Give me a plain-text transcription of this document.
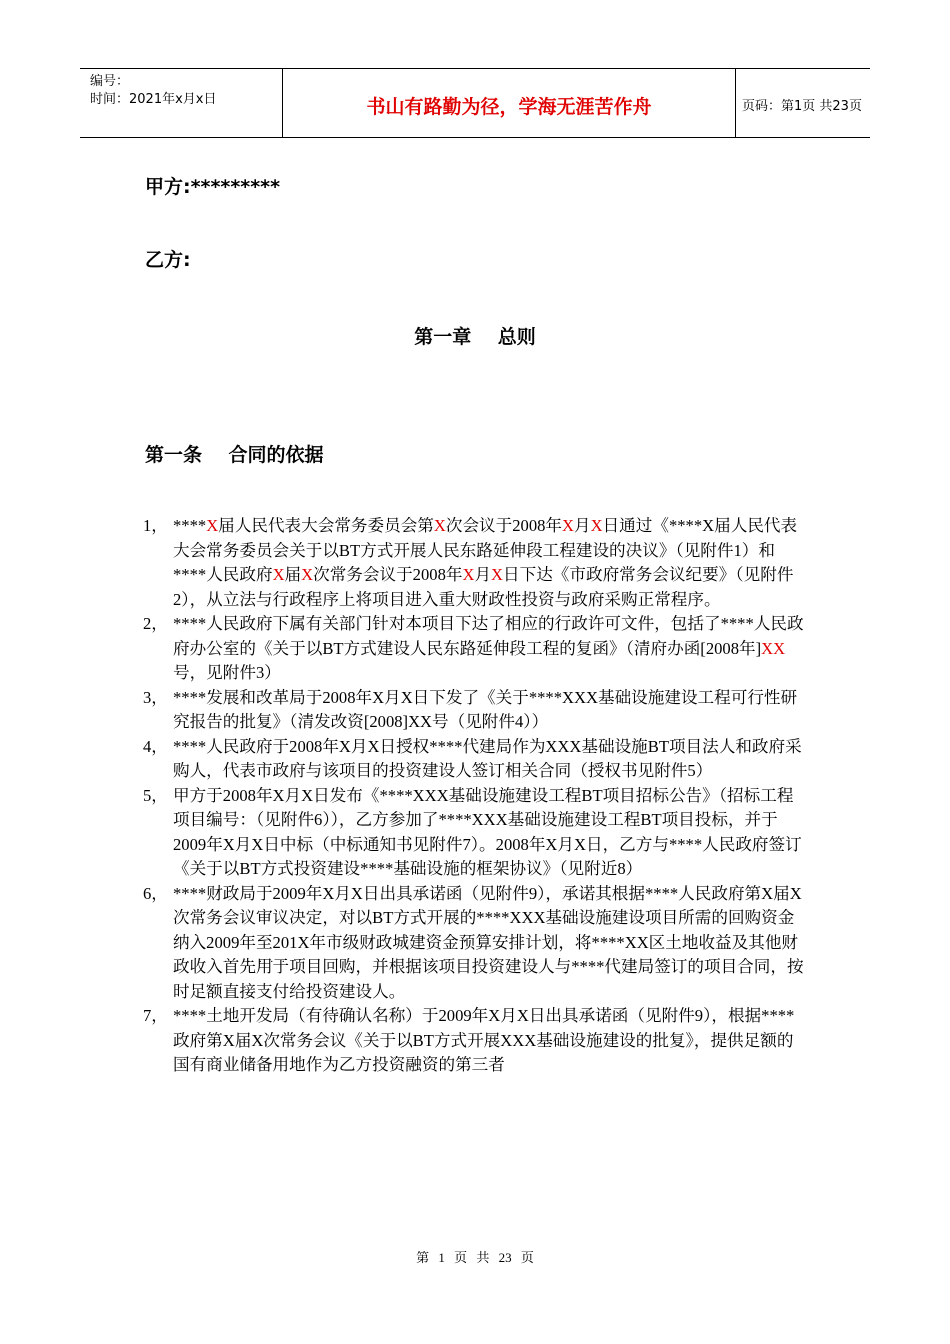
编号：
时间：2021年x月x日	书山有路勤为径，学海无涯苦作舟	页码：第1页 共23页
甲方:*********
乙方:
第一章    总则
第一条    合同的依据
1， ****X届人民代表大会常务委员会第X次会议于2008年X月X日通过《****X届人民代表大会常务委员会关于以BT方式开展人民东路延伸段工程建设的决议》（见附件1）和****人民政府X届X次常务会议于2008年X月X日下达《市政府常务会议纪要》（见附件2），从立法与行政程序上将项目进入重大财政性投资与政府采购正常程序。
2， ****人民政府下属有关部门针对本项目下达了相应的行政许可文件，包括了****人民政府办公室的《关于以BT方式建设人民东路延伸段工程的复函》（清府办函[2008年]XX号，见附件3）
3， ****发展和改革局于2008年X月X日下发了《关于****XXX基础设施建设工程可行性研究报告的批复》（清发改资[2008]XX号（见附件4））
4， ****人民政府于2008年X月X日授权****代建局作为XXX基础设施BT项目法人和政府采购人，代表市政府与该项目的投资建设人签订相关合同（授权书见附件5）
5， 甲方于2008年X月X日发布《****XXX基础设施建设工程BT项目招标公告》（招标工程项目编号：（见附件6）），乙方参加了****XXX基础设施建设工程BT项目投标，并于2009年X月X日中标（中标通知书见附件7）。2008年X月X日，乙方与****人民政府签订《关于以BT方式投资建设****基础设施的框架协议》（见附近8）
6， ****财政局于2009年X月X日出具承诺函（见附件9），承诺其根据****人民政府第X届X次常务会议审议决定，对以BT方式开展的****XXX基础设施建设项目所需的回购资金纳入2009年至201X年市级财政城建资金预算安排计划，将****XX区土地收益及其他财政收入首先用于 . . .项目回购，并根据该项目投资建设人与****代建局签订的项目合同，按时足额直接支付给投资建设人。
7， ****土地开发局（有待确认名称）于2009年X月X日出具承诺函（见附件9），根据****政府第X届X次常务会议《关于以BT方式开展XXX基础设施建设的批复》，提供足额的国有商业储备用地作为乙方投资融资的第三者
第 1 页 共 23 页
